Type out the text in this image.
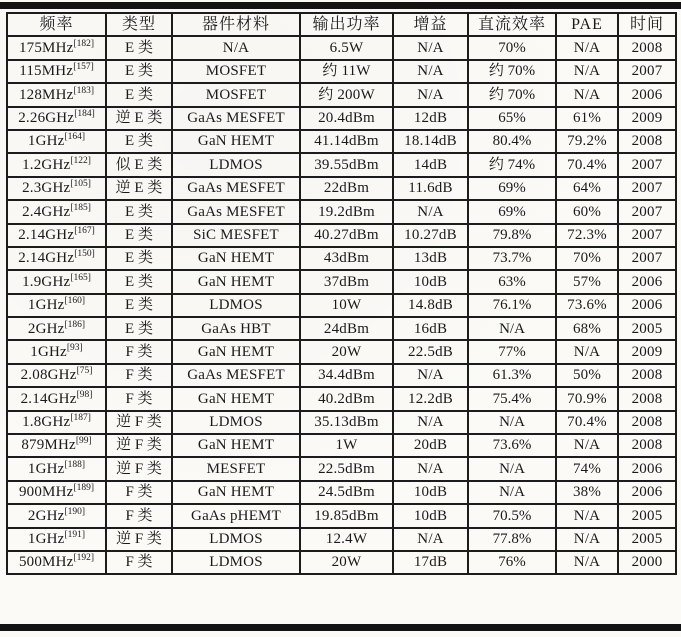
频率	类型	器件材料	输出功率	增益	直流效率	PAE	时间
175MHz[182]	E 类	N/A	6.5W	N/A	70%	N/A	2008
115MHz[157]	E 类	MOSFET	约 11W	N/A	约 70%	N/A	2007
128MHz[183]	E 类	MOSFET	约 200W	N/A	约 70%	N/A	2006
2.26GHz[184]	逆 E 类	GaAs MESFET	20.4dBm	12dB	65%	61%	2009
1GHz[164]	E 类	GaN HEMT	41.14dBm	18.14dB	80.4%	79.2%	2008
1.2GHz[122]	似 E 类	LDMOS	39.55dBm	14dB	约 74%	70.4%	2007
2.3GHz[105]	逆 E 类	GaAs MESFET	22dBm	11.6dB	69%	64%	2007
2.4GHz[185]	E 类	GaAs MESFET	19.2dBm	N/A	69%	60%	2007
2.14GHz[167]	E 类	SiC MESFET	40.27dBm	10.27dB	79.8%	72.3%	2007
2.14GHz[150]	E 类	GaN HEMT	43dBm	13dB	73.7%	70%	2007
1.9GHz[165]	E 类	GaN HEMT	37dBm	10dB	63%	57%	2006
1GHz[160]	E 类	LDMOS	10W	14.8dB	76.1%	73.6%	2006
2GHz[186]	E 类	GaAs HBT	24dBm	16dB	N/A	68%	2005
1GHz[93]	F 类	GaN HEMT	20W	22.5dB	77%	N/A	2009
2.08GHz[75]	F 类	GaAs MESFET	34.4dBm	N/A	61.3%	50%	2008
2.14GHz[98]	F 类	GaN HEMT	40.2dBm	12.2dB	75.4%	70.9%	2008
1.8GHz[187]	逆 F 类	LDMOS	35.13dBm	N/A	N/A	70.4%	2008
879MHz[99]	逆 F 类	GaN HEMT	1W	20dB	73.6%	N/A	2008
1GHz[188]	逆 F 类	MESFET	22.5dBm	N/A	N/A	74%	2006
900MHz[189]	F 类	GaN HEMT	24.5dBm	10dB	N/A	38%	2006
2GHz[190]	F 类	GaAs pHEMT	19.85dBm	10dB	70.5%	N/A	2005
1GHz[191]	逆 F 类	LDMOS	12.4W	N/A	77.8%	N/A	2005
500MHz[192]	F 类	LDMOS	20W	17dB	76%	N/A	2000
